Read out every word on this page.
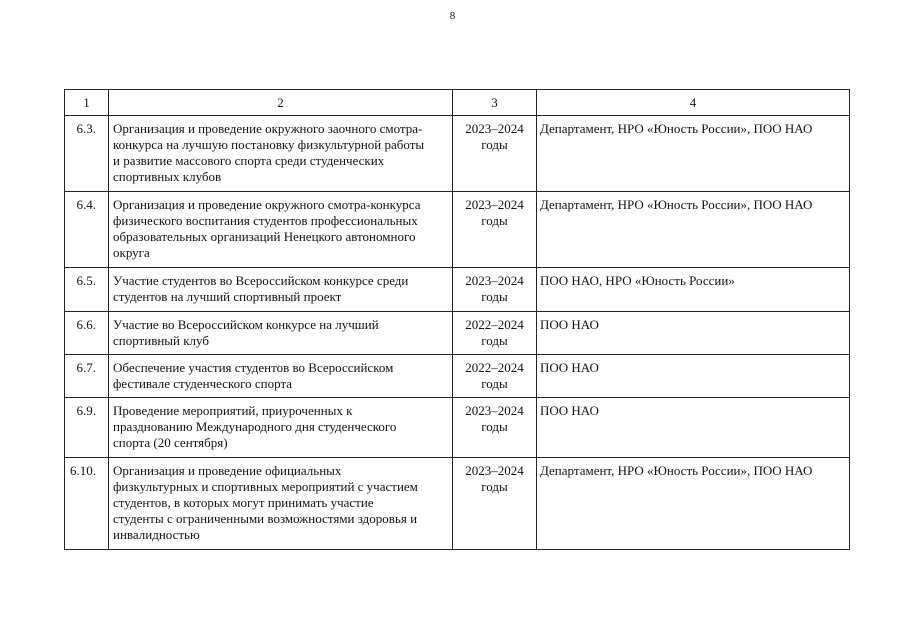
8
1	2	3	4
6.3.	Организация и проведение окружного заочного смотра-
конкурса на лучшую постановку физкультурной работы
и развитие массового спорта среди студенческих
спортивных клубов	2023–2024
годы	Департамент, НРО «Юность России», ПОО НАО
6.4.	Организация и проведение окружного смотра-конкурса
физического воспитания студентов профессиональных
образовательных организаций Ненецкого автономного
округа	2023–2024
годы	Департамент, НРО «Юность России», ПОО НАО
6.5.	Участие студентов во Всероссийском конкурсе среди
студентов на лучший спортивный проект	2023–2024
годы	ПОО НАО, НРО «Юность России»
6.6.	Участие во Всероссийском конкурсе на лучший
спортивный клуб	2022–2024
годы	ПОО НАО
6.7.	Обеспечение участия студентов во Всероссийском
фестивале студенческого спорта	2022–2024
годы	ПОО НАО
6.9.	Проведение мероприятий, приуроченных к
празднованию Международного дня студенческого
спорта (20 сентября)	2023–2024
годы	ПОО НАО
6.10.	Организация и проведение официальных
физкультурных и спортивных мероприятий с участием
студентов, в которых могут принимать участие
студенты с ограниченными возможностями здоровья и
инвалидностью	2023–2024
годы	Департамент, НРО «Юность России», ПОО НАО
